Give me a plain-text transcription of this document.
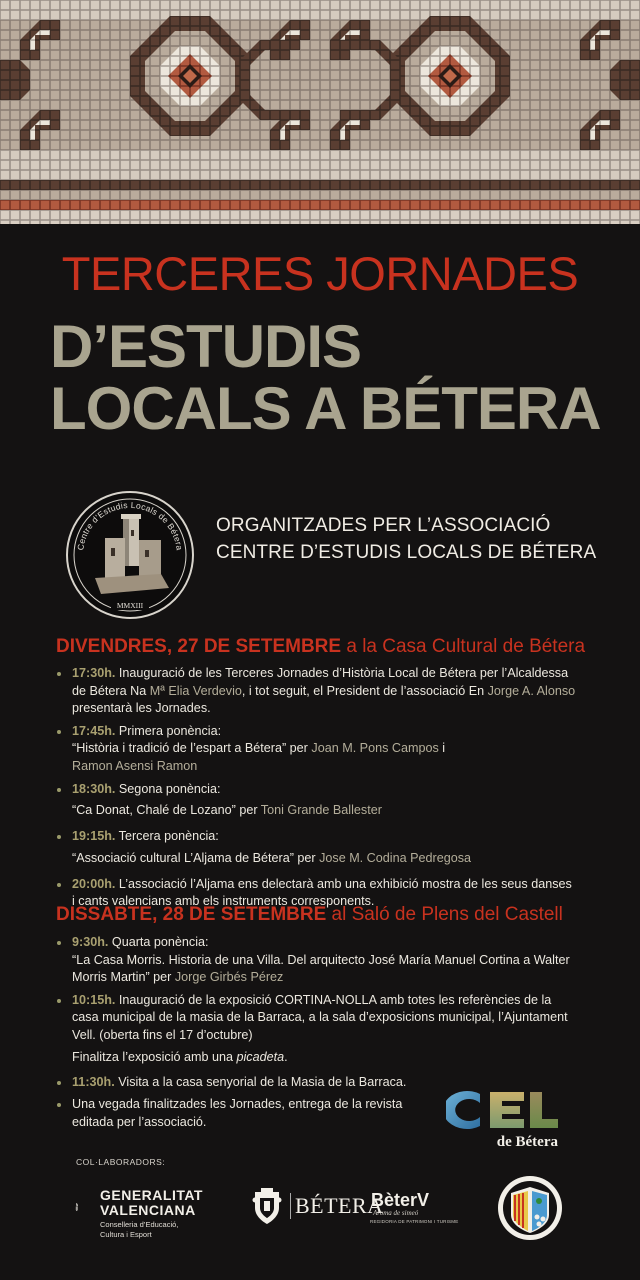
TERCERES JORNADES
D’ESTUDIS
LOCALS A BÉTERA
Centre d’Estudis Locals de Bétera
MMXIII
ORGANITZADES PER L’ASSOCIACIÓ
CENTRE D’ESTUDIS LOCALS DE BÉTERA
DIVENDRES, 27 DE SETEMBRE a la Casa Cultural de Bétera
17:30h. Inauguració de les Terceres Jornades d’Història Local de Bétera per l’Alcaldessa de Bétera Na Mª Elia Verdevio, i tot seguit, el President de l’associació En Jorge A. Alonso presentarà les Jornades.
17:45h. Primera ponència:
“Història i tradició de l’espart a Bétera” per Joan M. Pons Campos i
Ramon Asensi Ramon
18:30h. Segona ponència:
“Ca Donat, Chalé de Lozano” per Toni Grande Ballester
19:15h. Tercera ponència:
“Associació cultural L’Aljama de Bétera” per Jose M. Codina Pedregosa
20:00h. L’associació l’Aljama ens delectarà amb una exhibició mostra de les seus danses i cants valencians amb els instruments corresponents.
DISSABTE, 28 DE SETEMBRE al Saló de Plens del Castell
9:30h. Quarta ponència:
“La Casa Morris. Historia de una Villa. Del arquitecto José María Manuel Cortina a Walter Morris Martin” per Jorge Girbés Pérez
10:15h. Inauguració de la exposició CORTINA-NOLLA amb totes les referències de la casa municipal de la masia de la Barraca, a la sala d’exposicions municipal, l’Ajuntament Vell. (oberta fins el 17 d’octubre)
Finalitza l’exposició amb una picadeta.
11:30h. Visita a la casa senyorial de la Masia de la Barraca.
Una vegada finalitzades les Jornades, entrega de la revista editada per l’associació.
de Bétera
COL·LABORADORS:
GENERALITAT
VALENCIANA
Conselleria d’Educació,
Cultura i Esport
BÉTERA
BèterV
Aroma de simeó
REGIDORIA DE PATRIMONI I TURISME
